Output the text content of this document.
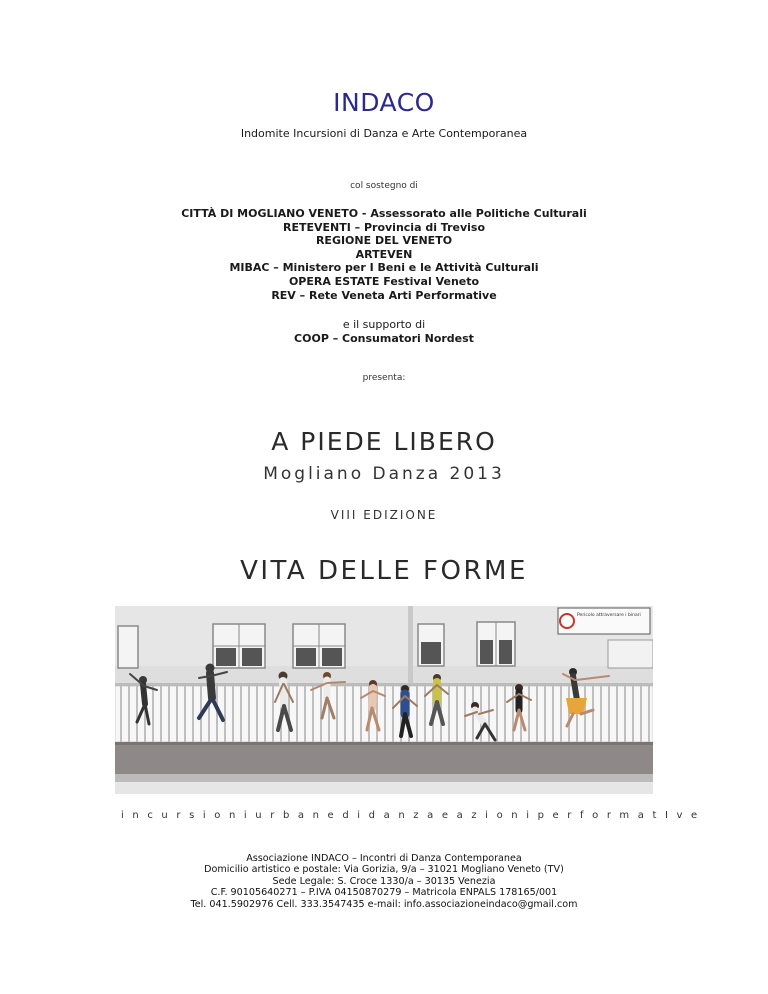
INDACO
Indomite Incursioni di Danza e Arte Contemporanea
col sostegno di
CITTÀ DI MOGLIANO VENETO - Assessorato alle Politiche Culturali
RETEVENTI – Provincia di Treviso
REGIONE DEL VENETO
ARTEVEN
MIBAC – Ministero per I Beni e le Attività Culturali
OPERA ESTATE Festival Veneto
REV – Rete Veneta Arti Performative
e il supporto di
COOP – Consumatori Nordest
presenta:
A PIEDE LIBERO
Mogliano Danza 2013
VIII EDIZIONE
VITA DELLE FORME
Pericolo attraversare i binari
incursioni urbane di danza e azioni performatIve
Associazione INDACO – Incontri di Danza Contemporanea
Domicilio artistico e postale: Via Gorizia, 9/a – 31021 Mogliano Veneto (TV)
Sede Legale: S. Croce 1330/a – 30135 Venezia
C.F. 90105640271 – P.IVA 04150870279 – Matricola ENPALS 178165/001
Tel. 041.5902976 Cell. 333.3547435 e-mail: info.associazioneindaco@gmail.com
